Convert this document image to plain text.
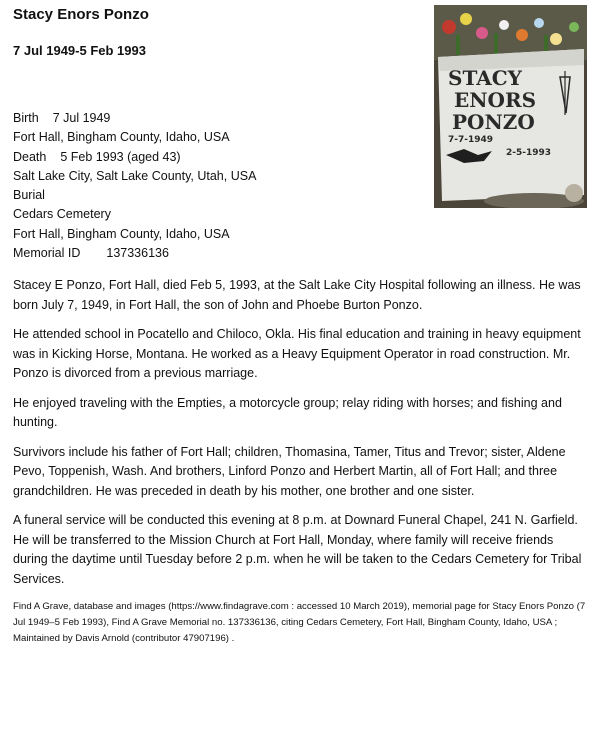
Stacy Enors Ponzo
7 Jul 1949-5 Feb 1993
Birth 7 Jul 1949
Fort Hall, Bingham County, Idaho, USA
Death 5 Feb 1993 (aged 43)
Salt Lake City, Salt Lake County, Utah, USA
Burial
Cedars Cemetery
Fort Hall, Bingham County, Idaho, USA
Memorial ID 137336136
STACY
ENORS
PONZO
7-7-1949
2-5-1993

Stacey E Ponzo, Fort Hall, died Feb 5, 1993, at the Salt Lake City Hospital following an illness. He was born July 7, 1949, in Fort Hall, the son of John and Phoebe Burton Ponzo.

He attended school in Pocatello and Chiloco, Okla. His final education and training in heavy equipment was in Kicking Horse, Montana. He worked as a Heavy Equipment Operator in road construction. Mr. Ponzo is divorced from a previous marriage.

He enjoyed traveling with the Empties, a motorcycle group; relay riding with horses; and fishing and hunting.

Survivors include his father of Fort Hall; children, Thomasina, Tamer, Titus and Trevor; sister, Aldene Pevo, Toppenish, Wash. And brothers, Linford Ponzo and Herbert Martin, all of Fort Hall; and three grandchildren. He was preceded in death by his mother, one brother and one sister.

A funeral service will be conducted this evening at 8 p.m. at Downard Funeral Chapel, 241 N. Garfield. He will be transferred to the Mission Church at Fort Hall, Monday, where family will receive friends during the daytime until Tuesday before 2 p.m. when he will be taken to the Cedars Cemetery for Tribal Services.

Find A Grave, database and images (https://www.findagrave.com : accessed 10 March 2019), memorial page for Stacy Enors Ponzo (7 Jul 1949–5 Feb 1993), Find A Grave Memorial no. 137336136, citing Cedars Cemetery, Fort Hall, Bingham County, Idaho, USA ; Maintained by Davis Arnold (contributor 47907196) .
